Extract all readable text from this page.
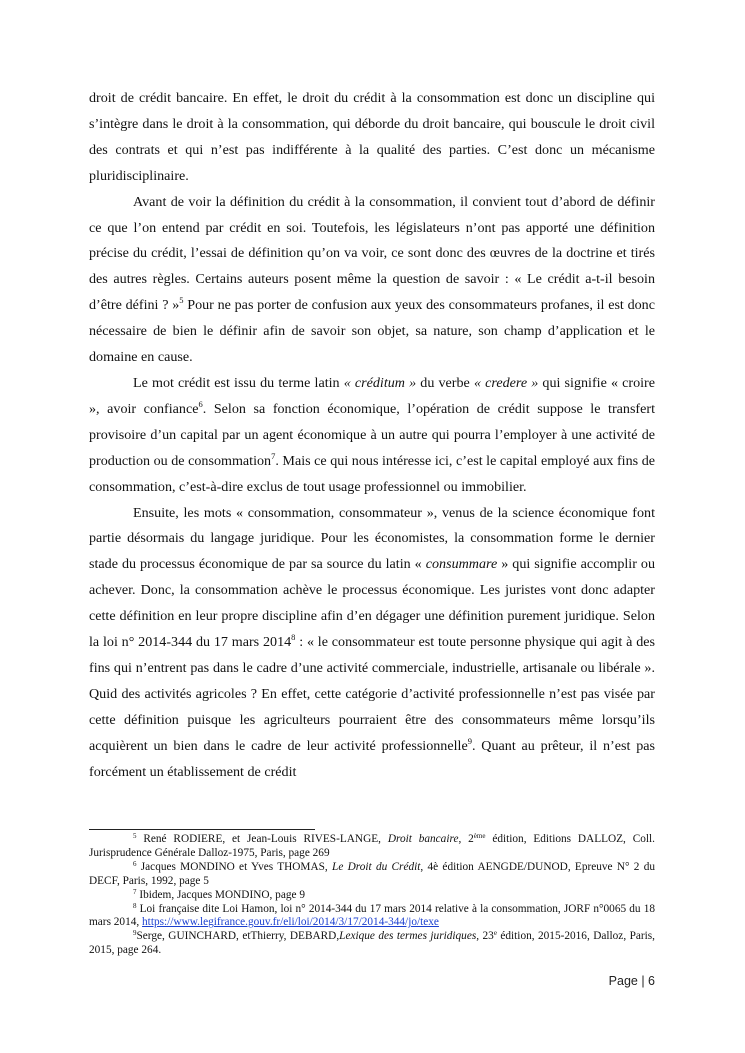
droit de crédit bancaire. En effet, le droit du crédit à la consommation est donc un discipline qui s’intègre dans le droit à la consommation, qui déborde du droit bancaire, qui bouscule le droit civil des contrats et qui n’est pas indifférente à la qualité des parties. C’est donc un mécanisme pluridisciplinaire.

Avant de voir la définition du crédit à la consommation, il convient tout d’abord de définir ce que l’on entend par crédit en soi. Toutefois, les législateurs n’ont pas apporté une définition précise du crédit, l’essai de définition qu’on va voir, ce sont donc des œuvres de la doctrine et tirés des autres règles. Certains auteurs posent même la question de savoir : « Le crédit a-t-il besoin d’être défini ? »$^5$ Pour ne pas porter de confusion aux yeux des consommateurs profanes, il est donc nécessaire de bien le définir afin de savoir son objet, sa nature, son champ d’application et le domaine en cause.

Le mot crédit est issu du terme latin « créditum » du verbe « credere » qui signifie « croire », avoir confiance$^6$. Selon sa fonction économique, l’opération de crédit suppose le transfert provisoire d’un capital par un agent économique à un autre qui pourra l’employer à une activité de production ou de consommation$^7$. Mais ce qui nous intéresse ici, c’est le capital employé aux fins de consommation, c’est-à-dire exclus de tout usage professionnel ou immobilier.

Ensuite, les mots « consommation, consommateur », venus de la science économique font partie désormais du langage juridique. Pour les économistes, la consommation forme le dernier stade du processus économique de par sa source du latin « consummare » qui signifie accomplir ou achever. Donc, la consommation achève le processus économique. Les juristes vont donc adapter cette définition en leur propre discipline afin d’en dégager une définition purement juridique. Selon la loi n° 2014-344 du 17 mars 2014$^8$ : « le consommateur est toute personne physique qui agit à des fins qui n’entrent pas dans le cadre d’une activité commerciale, industrielle, artisanale ou libérale ». Quid des activités agricoles ? En effet, cette catégorie d’activité professionnelle n’est pas visée par cette définition puisque les agriculteurs pourraient être des consommateurs même lorsqu’ils acquièrent un bien dans le cadre de leur activité professionnelle$^9$. Quant au prêteur, il n’est pas forcément un établissement de crédit

$^5$ René RODIERE, et Jean-Louis RIVES-LANGE, Droit bancaire, 2ème édition, Editions DALLOZ, Coll. Jurisprudence Générale Dalloz-1975, Paris, page 269

$^6$ Jacques MONDINO et Yves THOMAS, Le Droit du Crédit, 4è édition AENGDE/DUNOD, Epreuve N° 2 du DECF, Paris, 1992, page 5

$^7$ Ibidem, Jacques MONDINO, page 9

$^8$ Loi française dite Loi Hamon, loi n° 2014-344 du 17 mars 2014 relative à la consommation, JORF n°0065 du 18 mars 2014, https://www.legifrance.gouv.fr/eli/loi/2014/3/17/2014-344/jo/texe

$^9$Serge, GUINCHARD, etThierry, DEBARD,Lexique des termes juridiques, 23e édition, 2015-2016, Dalloz, Paris, 2015, page 264.

Page | 6
